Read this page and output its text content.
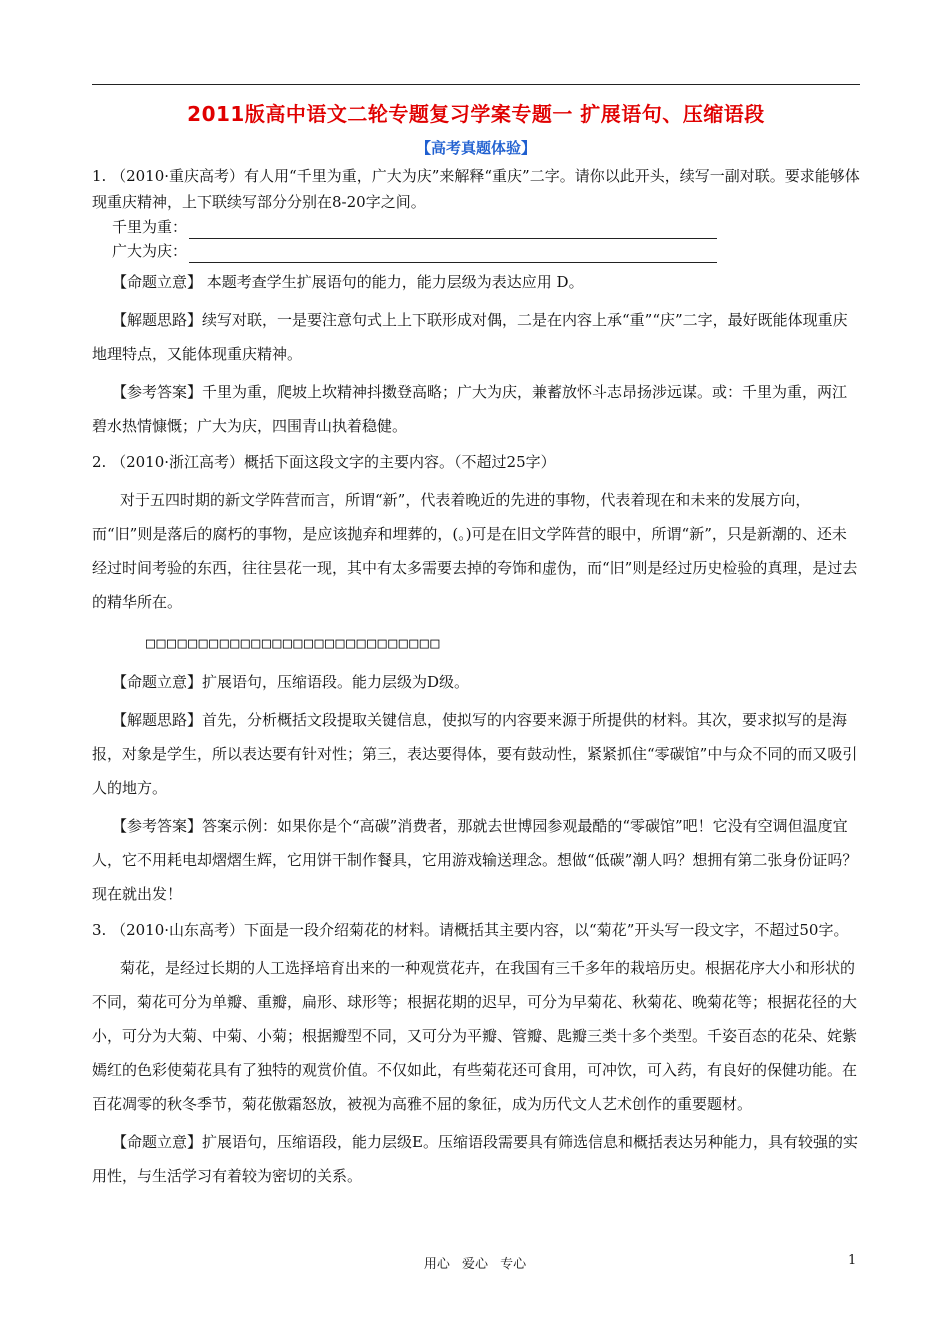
2011版高中语文二轮专题复习学案专题一 扩展语句、压缩语段
【高考真题体验】

1. （2010·重庆高考）有人用“千里为重，广大为庆”来解释“重庆”二字。请你以此开头，续写一副对联。要求能够体现重庆精神，上下联续写部分分别在8-20字之间。

千里为重：
广大为庆：

【命题立意】 本题考查学生扩展语句的能力，能力层级为表达应用 D。

【解题思路】续写对联，一是要注意句式上上下联形成对偶，二是在内容上承“重”“庆”二字，最好既能体现重庆地理特点，又能体现重庆精神。

【参考答案】千里为重，爬坡上坎精神抖擞登高略；广大为庆，兼蓄放怀斗志昂扬涉远谋。或：千里为重，两江碧水热情慷慨；广大为庆，四围青山执着稳健。

2. （2010·浙江高考）概括下面这段文字的主要内容。（不超过25字）

对于五四时期的新文学阵营而言，所谓“新”，代表着晚近的先进的事物，代表着现在和未来的发展方向，而“旧”则是落后的腐朽的事物，是应该抛弃和埋葬的，(。)可是在旧文学阵营的眼中，所谓“新”，只是新潮的、还未经过时间考验的东西，往往昙花一现，其中有太多需要去掉的夸饰和虚伪，而“旧”则是经过历史检验的真理，是过去的精华所在。

□□□□□□□□□□□□□□□□□□□□□□□□□□□□

【命题立意】扩展语句，压缩语段。能力层级为D级。

【解题思路】首先，分析概括文段提取关键信息，使拟写的内容要来源于所提供的材料。其次，要求拟写的是海报，对象是学生，所以表达要有针对性；第三，表达要得体，要有鼓动性，紧紧抓住“零碳馆”中与众不同的而又吸引人的地方。

【参考答案】答案示例：如果你是个“高碳”消费者，那就去世博园参观最酷的“零碳馆”吧！它没有空调但温度宜人，它不用耗电却熠熠生辉，它用饼干制作餐具，它用游戏输送理念。想做“低碳”潮人吗？想拥有第二张身份证吗？现在就出发！

3. （2010·山东高考）下面是一段介绍菊花的材料。请概括其主要内容，以“菊花”开头写一段文字，不超过50字。

菊花，是经过长期的人工选择培育出来的一种观赏花卉，在我国有三千多年的栽培历史。根据花序大小和形状的不同，菊花可分为单瓣、重瓣，扁形、球形等；根据花期的迟早，可分为早菊花、秋菊花、晚菊花等；根据花径的大小，可分为大菊、中菊、小菊；根据瓣型不同，又可分为平瓣、管瓣、匙瓣三类十多个类型。千姿百态的花朵、姹紫嫣红的色彩使菊花具有了独特的观赏价值。不仅如此，有些菊花还可食用，可冲饮，可入药，有良好的保健功能。在百花凋零的秋冬季节，菊花傲霜怒放，被视为高雅不屈的象征，成为历代文人艺术创作的重要题材。

【命题立意】扩展语句，压缩语段，能力层级E。压缩语段需要具有筛选信息和概括表达另种能力，具有较强的实用性，与生活学习有着较为密切的关系。

用心 爱心 专心	1
